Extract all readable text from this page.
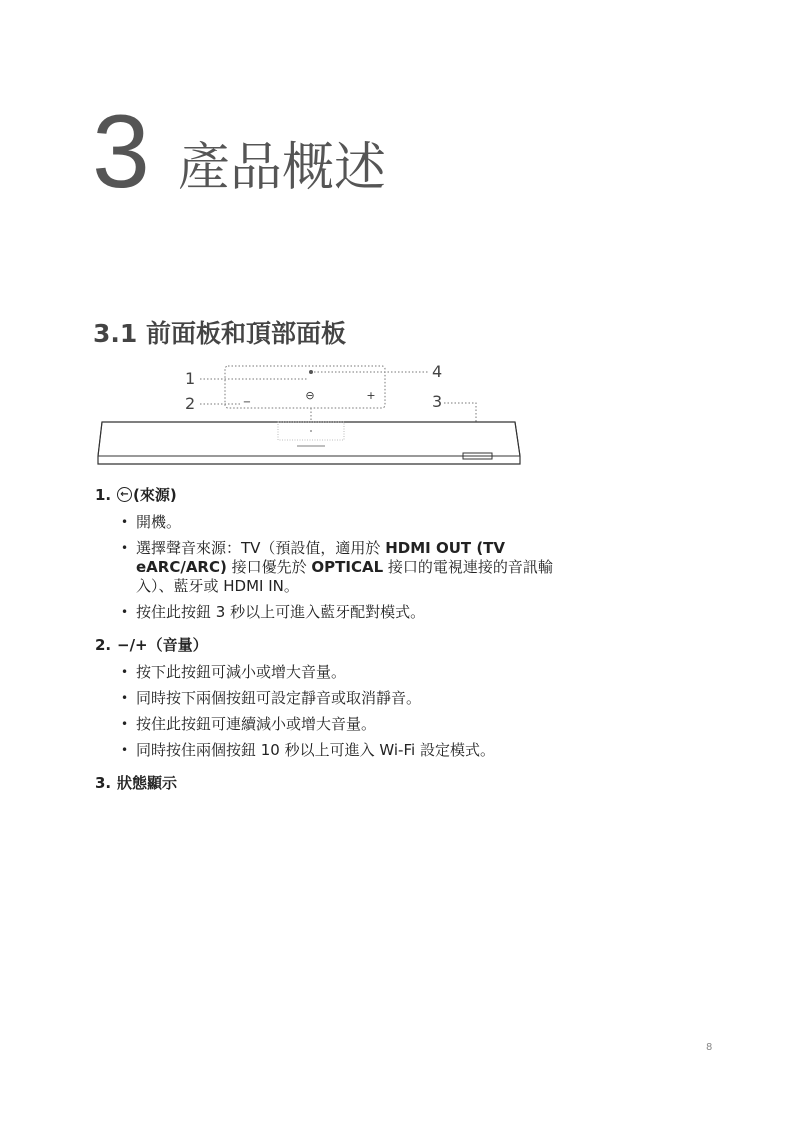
3 產品概述
3.1 前面板和頂部面板
−
⊖	+
1
2	3
4
1. ← (來源)
• 開機。
• 選擇聲音來源：TV（預設值，適用於 HDMI OUT (TV eARC/ARC) 接口優先於 OPTICAL 接口的電視連接的音訊輸入）、藍牙或 HDMI IN。
• 按住此按鈕 3 秒以上可進入藍牙配對模式。
2. −/+（音量）
• 按下此按鈕可減小或增大音量。
• 同時按下兩個按鈕可設定靜音或取消靜音。
• 按住此按鈕可連續減小或增大音量。
• 同時按住兩個按鈕 10 秒以上可進入 Wi-Fi 設定模式。
3. 狀態顯示
8
